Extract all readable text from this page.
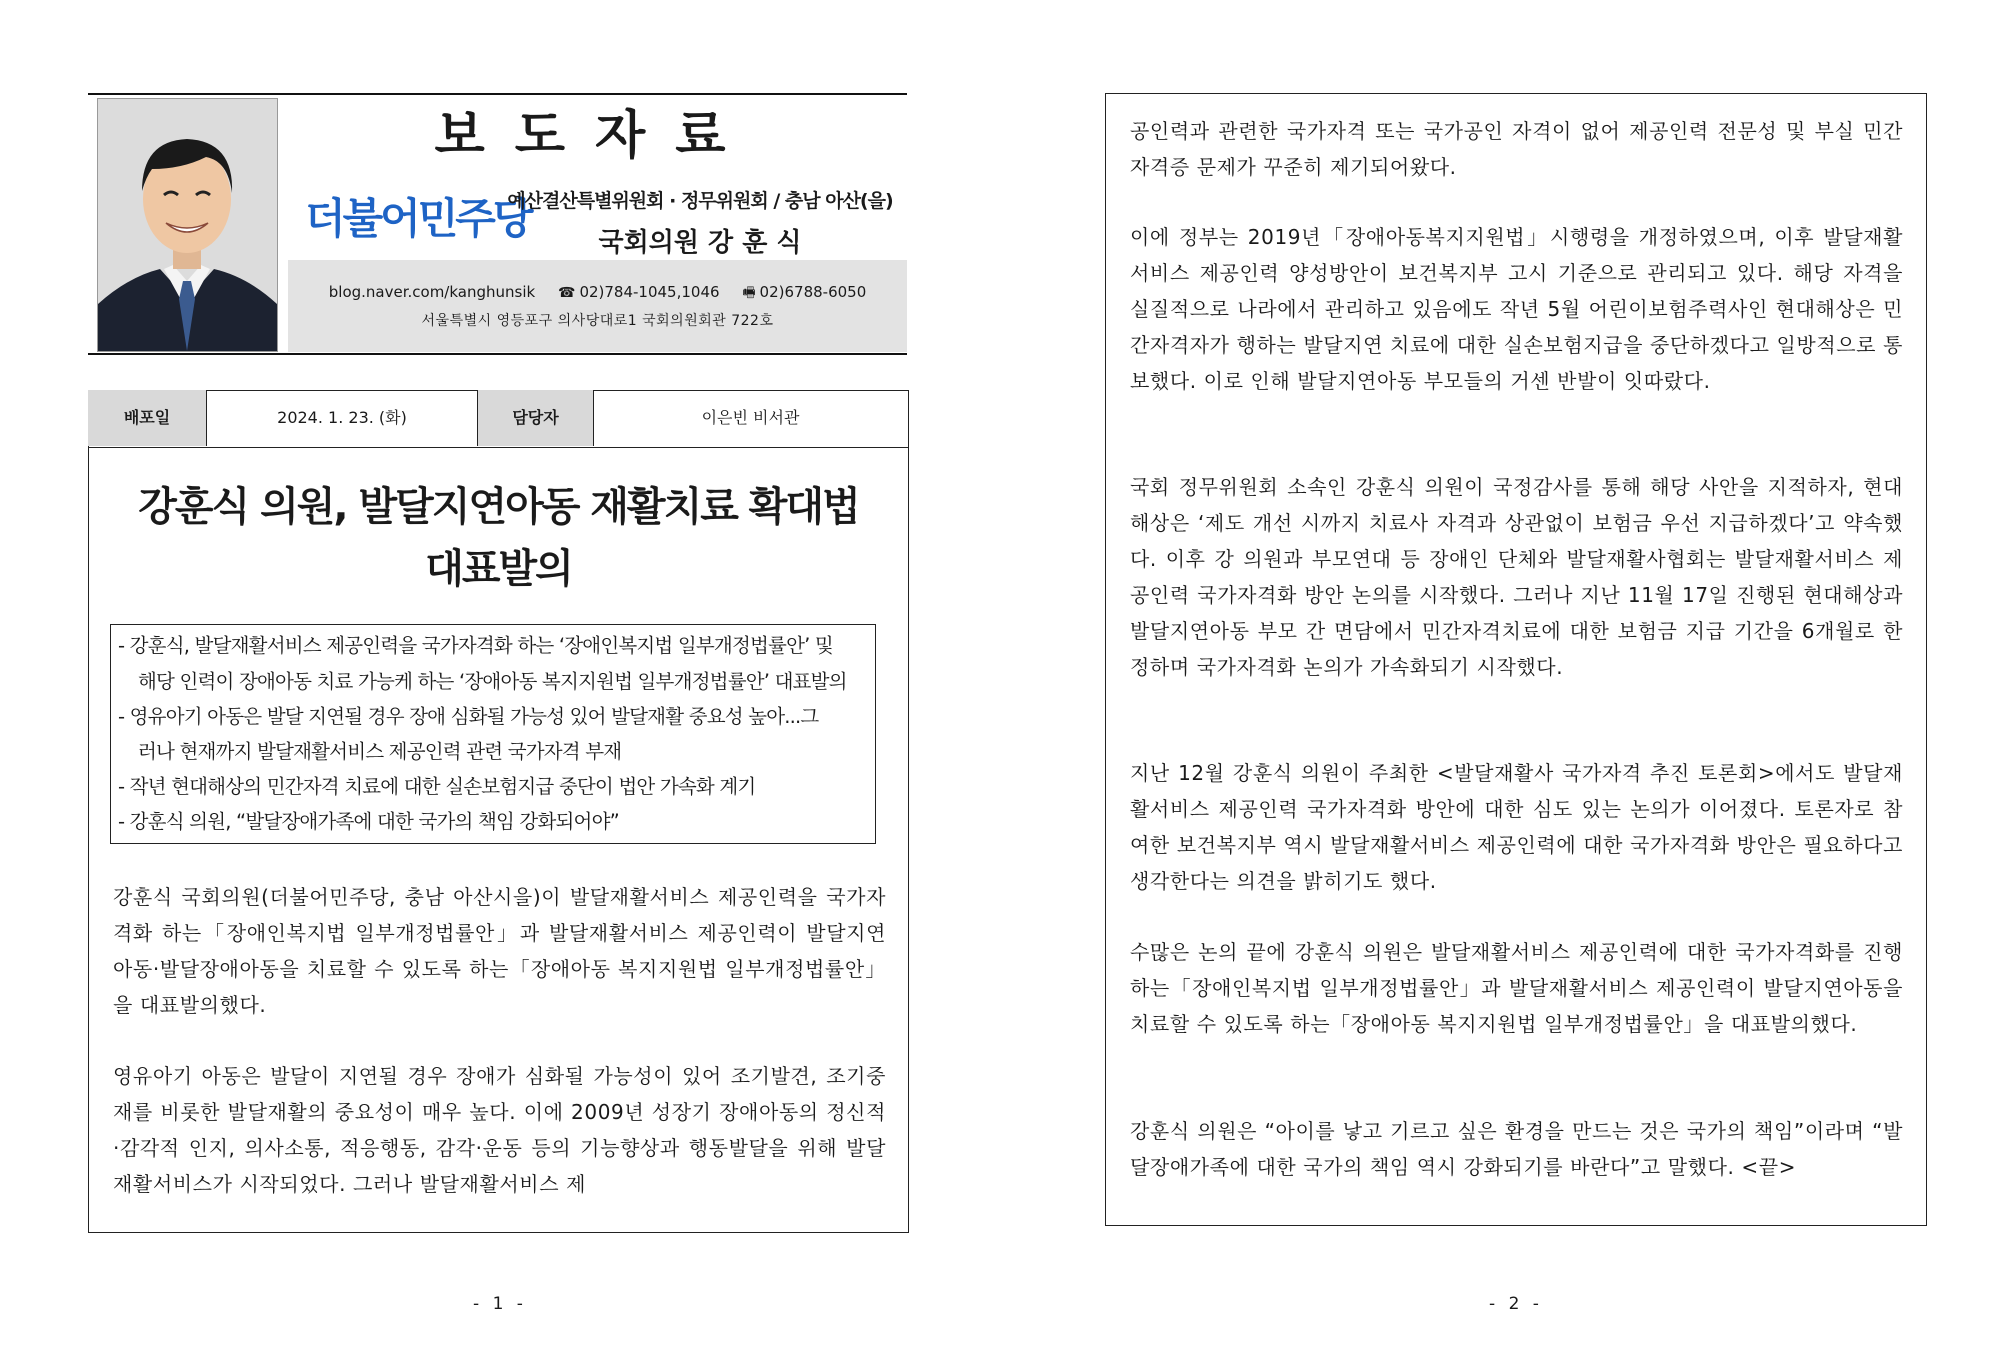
보도자료
더불어민주당
예산결산특별위원회 · 정무위원회 / 충남 아산(을)
국회의원 강 훈 식
blog.naver.com/kanghunsik ☎ 02)784-1045,1046 🖷 02)6788-6050
서울특별시 영등포구 의사당대로1 국회의원회관 722호
배포일	2024. 1. 23. (화)	담당자	이은빈 비서관
강훈식 의원, 발달지연아동 재활치료 확대법
대표발의
- 강훈식, 발달재활서비스 제공인력을 국가자격화 하는 ‘장애인복지법 일부개정법률안’ 및
해당 인력이 장애아동 치료 가능케 하는 ‘장애아동 복지지원법 일부개정법률안’ 대표발의
- 영유아기 아동은 발달 지연될 경우 장애 심화될 가능성 있어 발달재활 중요성 높아...그
러나 현재까지 발달재활서비스 제공인력 관련 국가자격 부재
- 작년 현대해상의 민간자격 치료에 대한 실손보험지급 중단이 법안 가속화 계기
- 강훈식 의원, “발달장애가족에 대한 국가의 책임 강화되어야”
강훈식 국회의원(더불어민주당, 충남 아산시을)이 발달재활서비스 제공인력을 국가자격화 하는「장애인복지법 일부개정법률안」과 발달재활서비스 제공인력이 발달지연아동·발달장애아동을 치료할 수 있도록 하는「장애아동 복지지원법 일부개정법률안」을 대표발의했다.
영유아기 아동은 발달이 지연될 경우 장애가 심화될 가능성이 있어 조기발견, 조기중재를 비롯한 발달재활의 중요성이 매우 높다. 이에 2009년 성장기 장애아동의 정신적·감각적 인지, 의사소통, 적응행동, 감각·운동 등의 기능향상과 행동발달을 위해 발달재활서비스가 시작되었다. 그러나 발달재활서비스 제
- 1 -
공인력과 관련한 국가자격 또는 국가공인 자격이 없어 제공인력 전문성 및 부실 민간자격증 문제가 꾸준히 제기되어왔다.
이에 정부는 2019년「장애아동복지지원법」시행령을 개정하였으며, 이후 발달재활서비스 제공인력 양성방안이 보건복지부 고시 기준으로 관리되고 있다. 해당 자격을 실질적으로 나라에서 관리하고 있음에도 작년 5월 어린이보험주력사인 현대해상은 민간자격자가 행하는 발달지연 치료에 대한 실손보험지급을 중단하겠다고 일방적으로 통보했다. 이로 인해 발달지연아동 부모들의 거센 반발이 잇따랐다.
국회 정무위원회 소속인 강훈식 의원이 국정감사를 통해 해당 사안을 지적하자, 현대해상은 ‘제도 개선 시까지 치료사 자격과 상관없이 보험금 우선 지급하겠다’고 약속했다. 이후 강 의원과 부모연대 등 장애인 단체와 발달재활사협회는 발달재활서비스 제공인력 국가자격화 방안 논의를 시작했다. 그러나 지난 11월 17일 진행된 현대해상과 발달지연아동 부모 간 면담에서 민간자격치료에 대한 보험금 지급 기간을 6개월로 한정하며 국가자격화 논의가 가속화되기 시작했다.
지난 12월 강훈식 의원이 주최한 <발달재활사 국가자격 추진 토론회>에서도 발달재활서비스 제공인력 국가자격화 방안에 대한 심도 있는 논의가 이어졌다. 토론자로 참여한 보건복지부 역시 발달재활서비스 제공인력에 대한 국가자격화 방안은 필요하다고 생각한다는 의견을 밝히기도 했다.
수많은 논의 끝에 강훈식 의원은 발달재활서비스 제공인력에 대한 국가자격화를 진행하는「장애인복지법 일부개정법률안」과 발달재활서비스 제공인력이 발달지연아동을 치료할 수 있도록 하는「장애아동 복지지원법 일부개정법률안」을 대표발의했다.
강훈식 의원은 “아이를 낳고 기르고 싶은 환경을 만드는 것은 국가의 책임”이라며 “발달장애가족에 대한 국가의 책임 역시 강화되기를 바란다”고 말했다. <끝>
- 2 -
